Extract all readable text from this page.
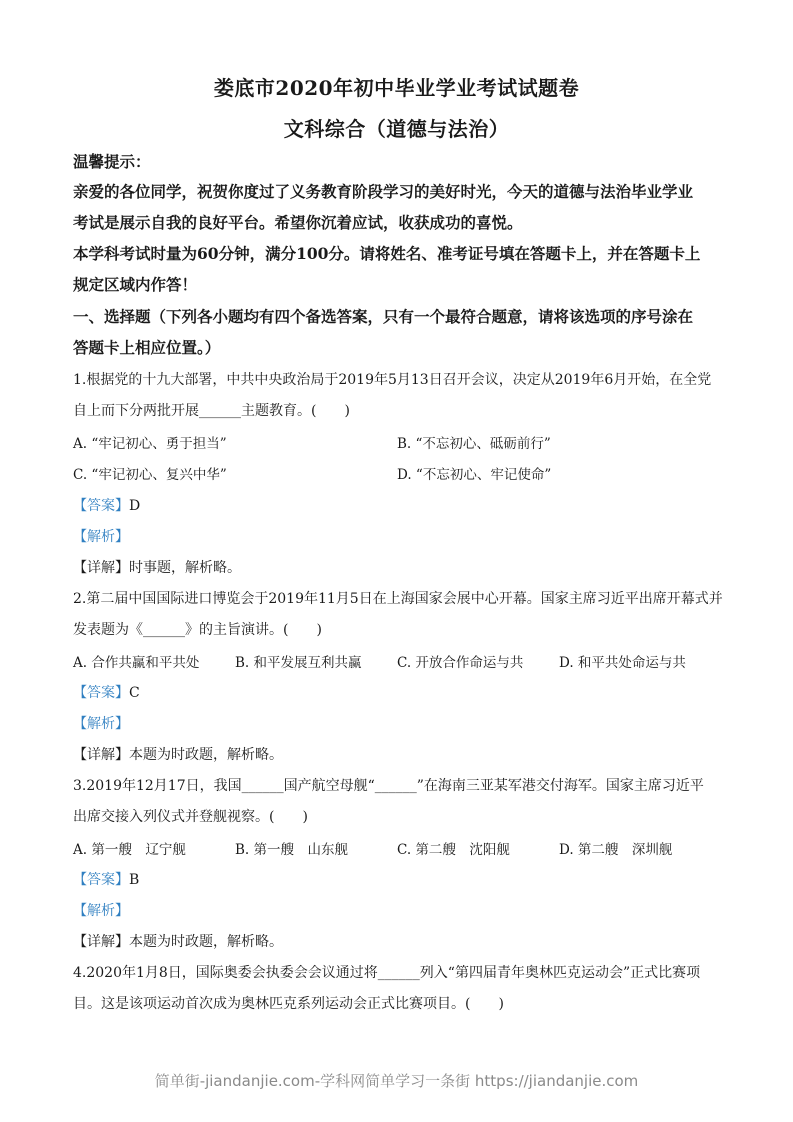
娄底市2020年初中毕业学业考试试题卷
文科综合（道德与法治）
温馨提示：
亲爱的各位同学，祝贺你度过了义务教育阶段学习的美好时光，今天的道德与法治毕业学业
考试是展示自我的良好平台。希望你沉着应试，收获成功的喜悦。
本学科考试时量为60分钟，满分100分。请将姓名、准考证号填在答题卡上，并在答题卡上
规定区域内作答！
一、选择题（下列各小题均有四个备选答案，只有一个最符合题意，请将该选项的序号涂在
答题卡上相应位置。）
1.根据党的十九大部署，中共中央政治局于2019年5月13日召开会议，决定从2019年6月开始，在全党
自上而下分两批开展______主题教育。(　　)
A. “牢记初心、勇于担当”	B. “不忘初心、砥砺前行”
C. “牢记初心、复兴中华”	D. “不忘初心、牢记使命”
【答案】D
【解析】
【详解】时事题，解析略。
2.第二届中国国际进口博览会于2019年11月5日在上海国家会展中心开幕。国家主席习近平出席开幕式并
发表题为《______》的主旨演讲。(　　)
A. 合作共赢和平共处	B. 和平发展互利共赢	C. 开放合作命运与共	D. 和平共处命运与共
【答案】C
【解析】
【详解】本题为时政题，解析略。
3.2019年12月17日，我国______国产航空母舰“______”在海南三亚某军港交付海军。国家主席习近平
出席交接入列仪式并登舰视察。(　　)
A. 第一艘　辽宁舰	B. 第一艘　山东舰	C. 第二艘　沈阳舰	D. 第二艘　深圳舰
【答案】B
【解析】
【详解】本题为时政题，解析略。
4.2020年1月8日，国际奥委会执委会会议通过将______列入“第四届青年奥林匹克运动会”正式比赛项
目。这是该项运动首次成为奥林匹克系列运动会正式比赛项目。(　　)
简单街-jiandanjie.com-学科网简单学习一条街 https://jiandanjie.com
